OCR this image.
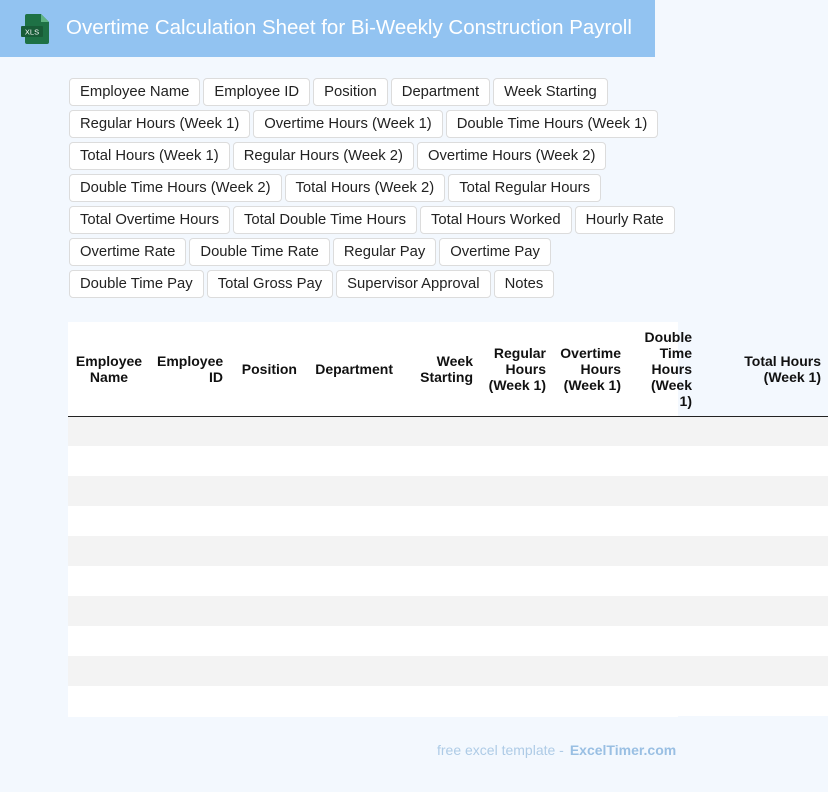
XLS Overtime Calculation Sheet for Bi-Weekly Construction Payroll
Employee Name	Employee ID	Position	Department	Week Starting
Regular Hours (Week 1)	Overtime Hours (Week 1)	Double Time Hours (Week 1)
Total Hours (Week 1)	Regular Hours (Week 2)	Overtime Hours (Week 2)
Double Time Hours (Week 2)	Total Hours (Week 2)	Total Regular Hours
Total Overtime Hours	Total Double Time Hours	Total Hours Worked	Hourly Rate
Overtime Rate	Double Time Rate	Regular Pay	Overtime Pay
Double Time Pay	Total Gross Pay	Supervisor Approval	Notes
Employee Name	Employee ID	Position	Department	Week Starting	Regular Hours (Week 1)	Overtime Hours (Week 1)	Double Time Hours (Week 1)	Total Hours (Week 1)

free excel template - ExcelTimer.com
